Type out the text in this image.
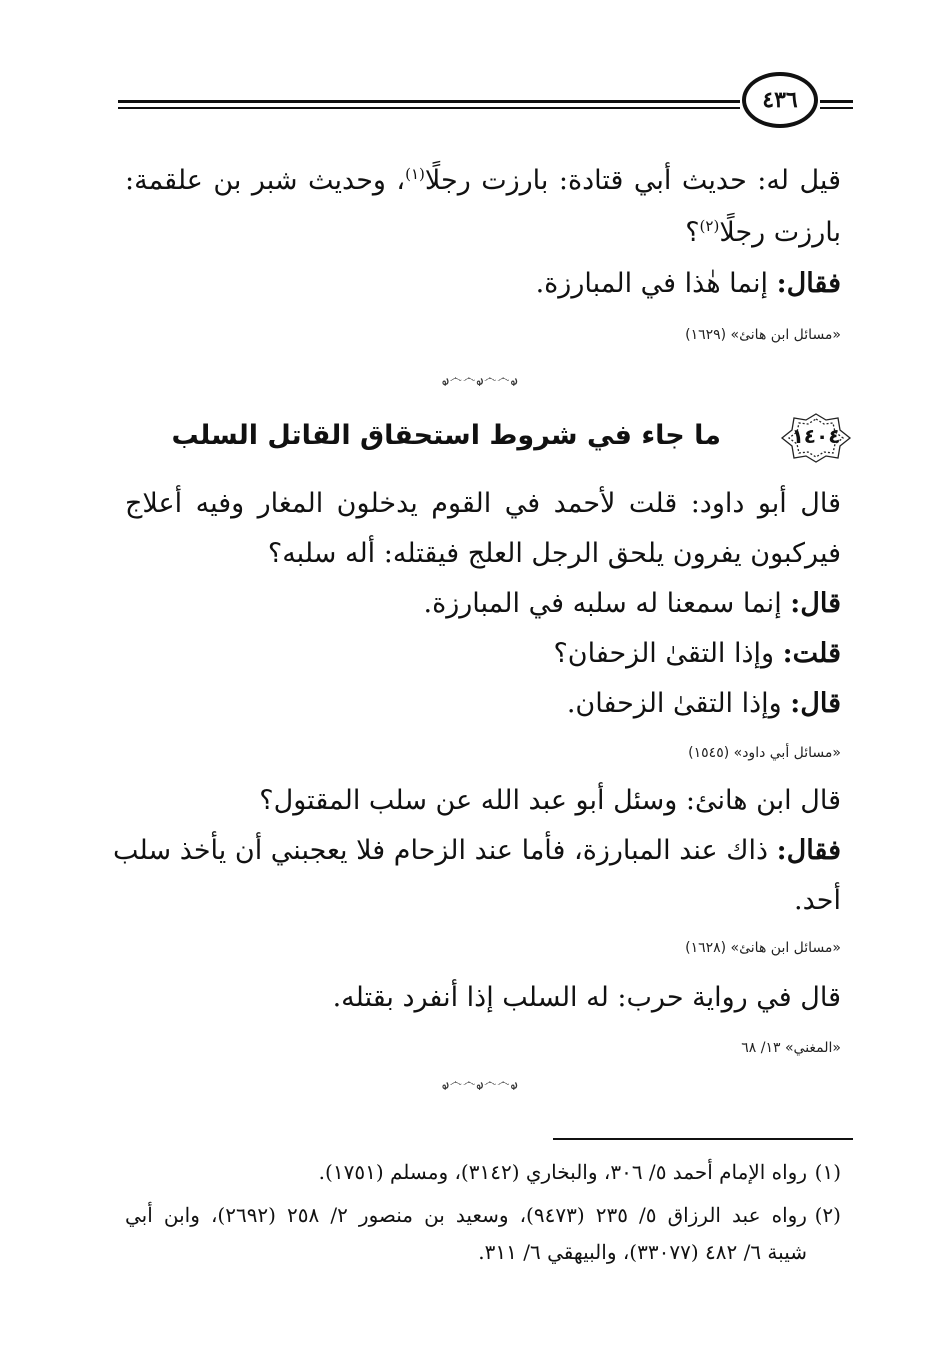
٤٣٦
قيل له: حديث أبي قتادة: بارزت رجلًا$^{(١)}$، وحديث شبر بن علقمة:
بارزت رجلًا$^{(٢)}$؟
فقال: إنما هٰذا في المبارزة.
«مسائل ابن هانئ» (١٦٢٩)
ࢪ෴෴ࢪ෴෴ࢪ
١٤٠٤
ما جاء في شروط استحقاق القاتل السلب
قال أبو داود: قلت لأحمد في القوم يدخلون المغار وفيه أعلاج
فيركبون يفرون يلحق الرجل العلج فيقتله: أله سلبه؟
قال: إنما سمعنا له سلبه في المبارزة.
قلت: وإذا التقىٰ الزحفان؟
قال: وإذا التقىٰ الزحفان.
«مسائل أبي داود» (١٥٤٥)
قال ابن هانئ: وسئل أبو عبد الله عن سلب المقتول؟
فقال: ذاك عند المبارزة، فأما عند الزحام فلا يعجبني أن يأخذ سلب
أحد.
«مسائل ابن هانئ» (١٦٢٨)
قال في رواية حرب: له السلب إذا أنفرد بقتله.
«المغني» ١٣/ ٦٨
ࢪ෴෴ࢪ෴෴ࢪ
(١)رواه الإمام أحمد ٥/ ٣٠٦، والبخاري (٣١٤٢)، ومسلم (١٧٥١).
(٢)رواه عبد الرزاق ٥/ ٢٣٥ (٩٤٧٣)، وسعيد بن منصور ٢/ ٢٥٨ (٢٦٩٢)، وابن أبي
شيبة ٦/ ٤٨٢ (٣٣٠٧٧)، والبيهقي ٦/ ٣١١.
